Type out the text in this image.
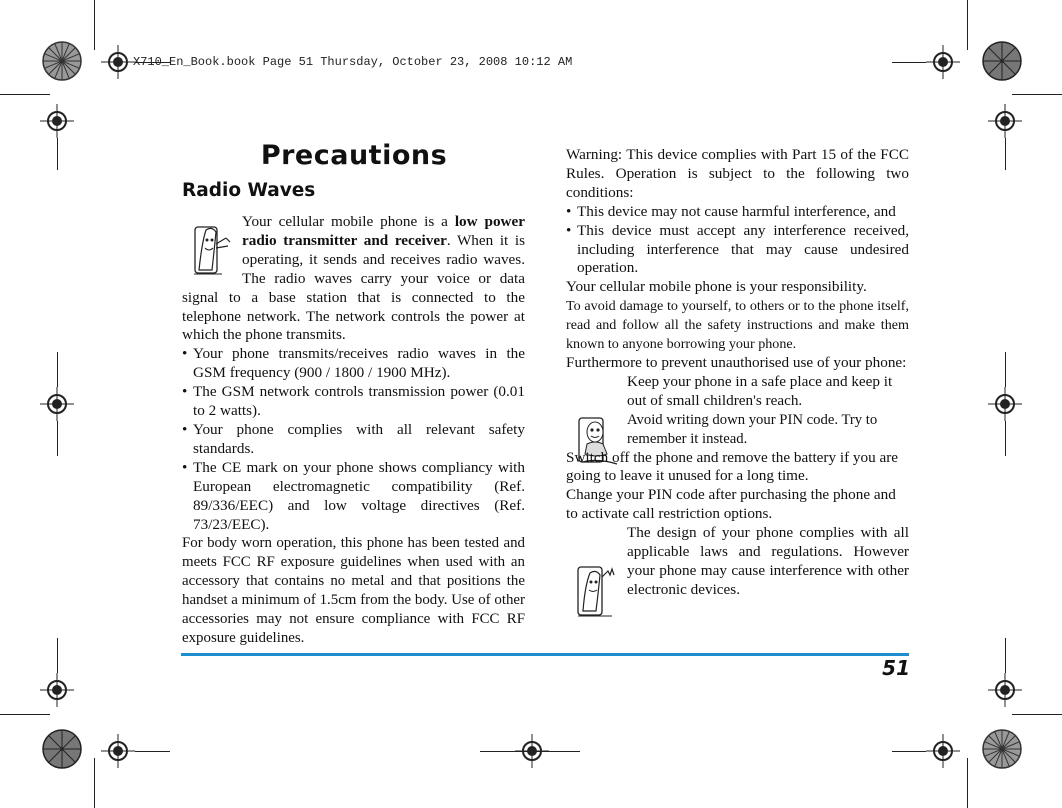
X710_En_Book.book Page 51 Thursday, October 23, 2008 10:12 AM
Precautions
Radio Waves

Your cellular mobile phone is a low power radio transmitter and receiver. When it is operating, it sends and receives radio waves. The radio waves carry your voice or data signal to a base station that is connected to the telephone network. The network controls the power at which the phone transmits.

• Your phone transmits/receives radio waves in the GSM frequency (900 / 1800 / 1900 MHz).
• The GSM network controls transmission power (0.01 to 2 watts).
• Your phone complies with all relevant safety standards.
• The CE mark on your phone shows compliancy with European electromagnetic compatibility (Ref. 89/336/EEC) and low voltage directives (Ref. 73/23/EEC).

For body worn operation, this phone has been tested and meets FCC RF exposure guidelines when used with an accessory that contains no metal and that positions the handset a minimum of 1.5cm from the body. Use of other accessories may not ensure compliance with FCC RF exposure guidelines.

Warning: This device complies with Part 15 of the FCC Rules. Operation is subject to the following two conditions:

• This device may not cause harmful interference, and
• This device must accept any interference received, including interference that may cause undesired operation.

Your cellular mobile phone is your responsibility.

To avoid damage to yourself, to others or to the phone itself, read and follow all the safety instructions and make them known to anyone borrowing your phone.

Furthermore to prevent unauthorised use of your phone:

Keep your phone in a safe place and keep it out of small children's reach.

Avoid writing down your PIN code. Try to remember it instead.

Switch off the phone and remove the battery if you are going to leave it unused for a long time.

Change your PIN code after purchasing the phone and to activate call restriction options.

The design of your phone complies with all applicable laws and regulations. However your phone may cause interference with other electronic devices.

51
